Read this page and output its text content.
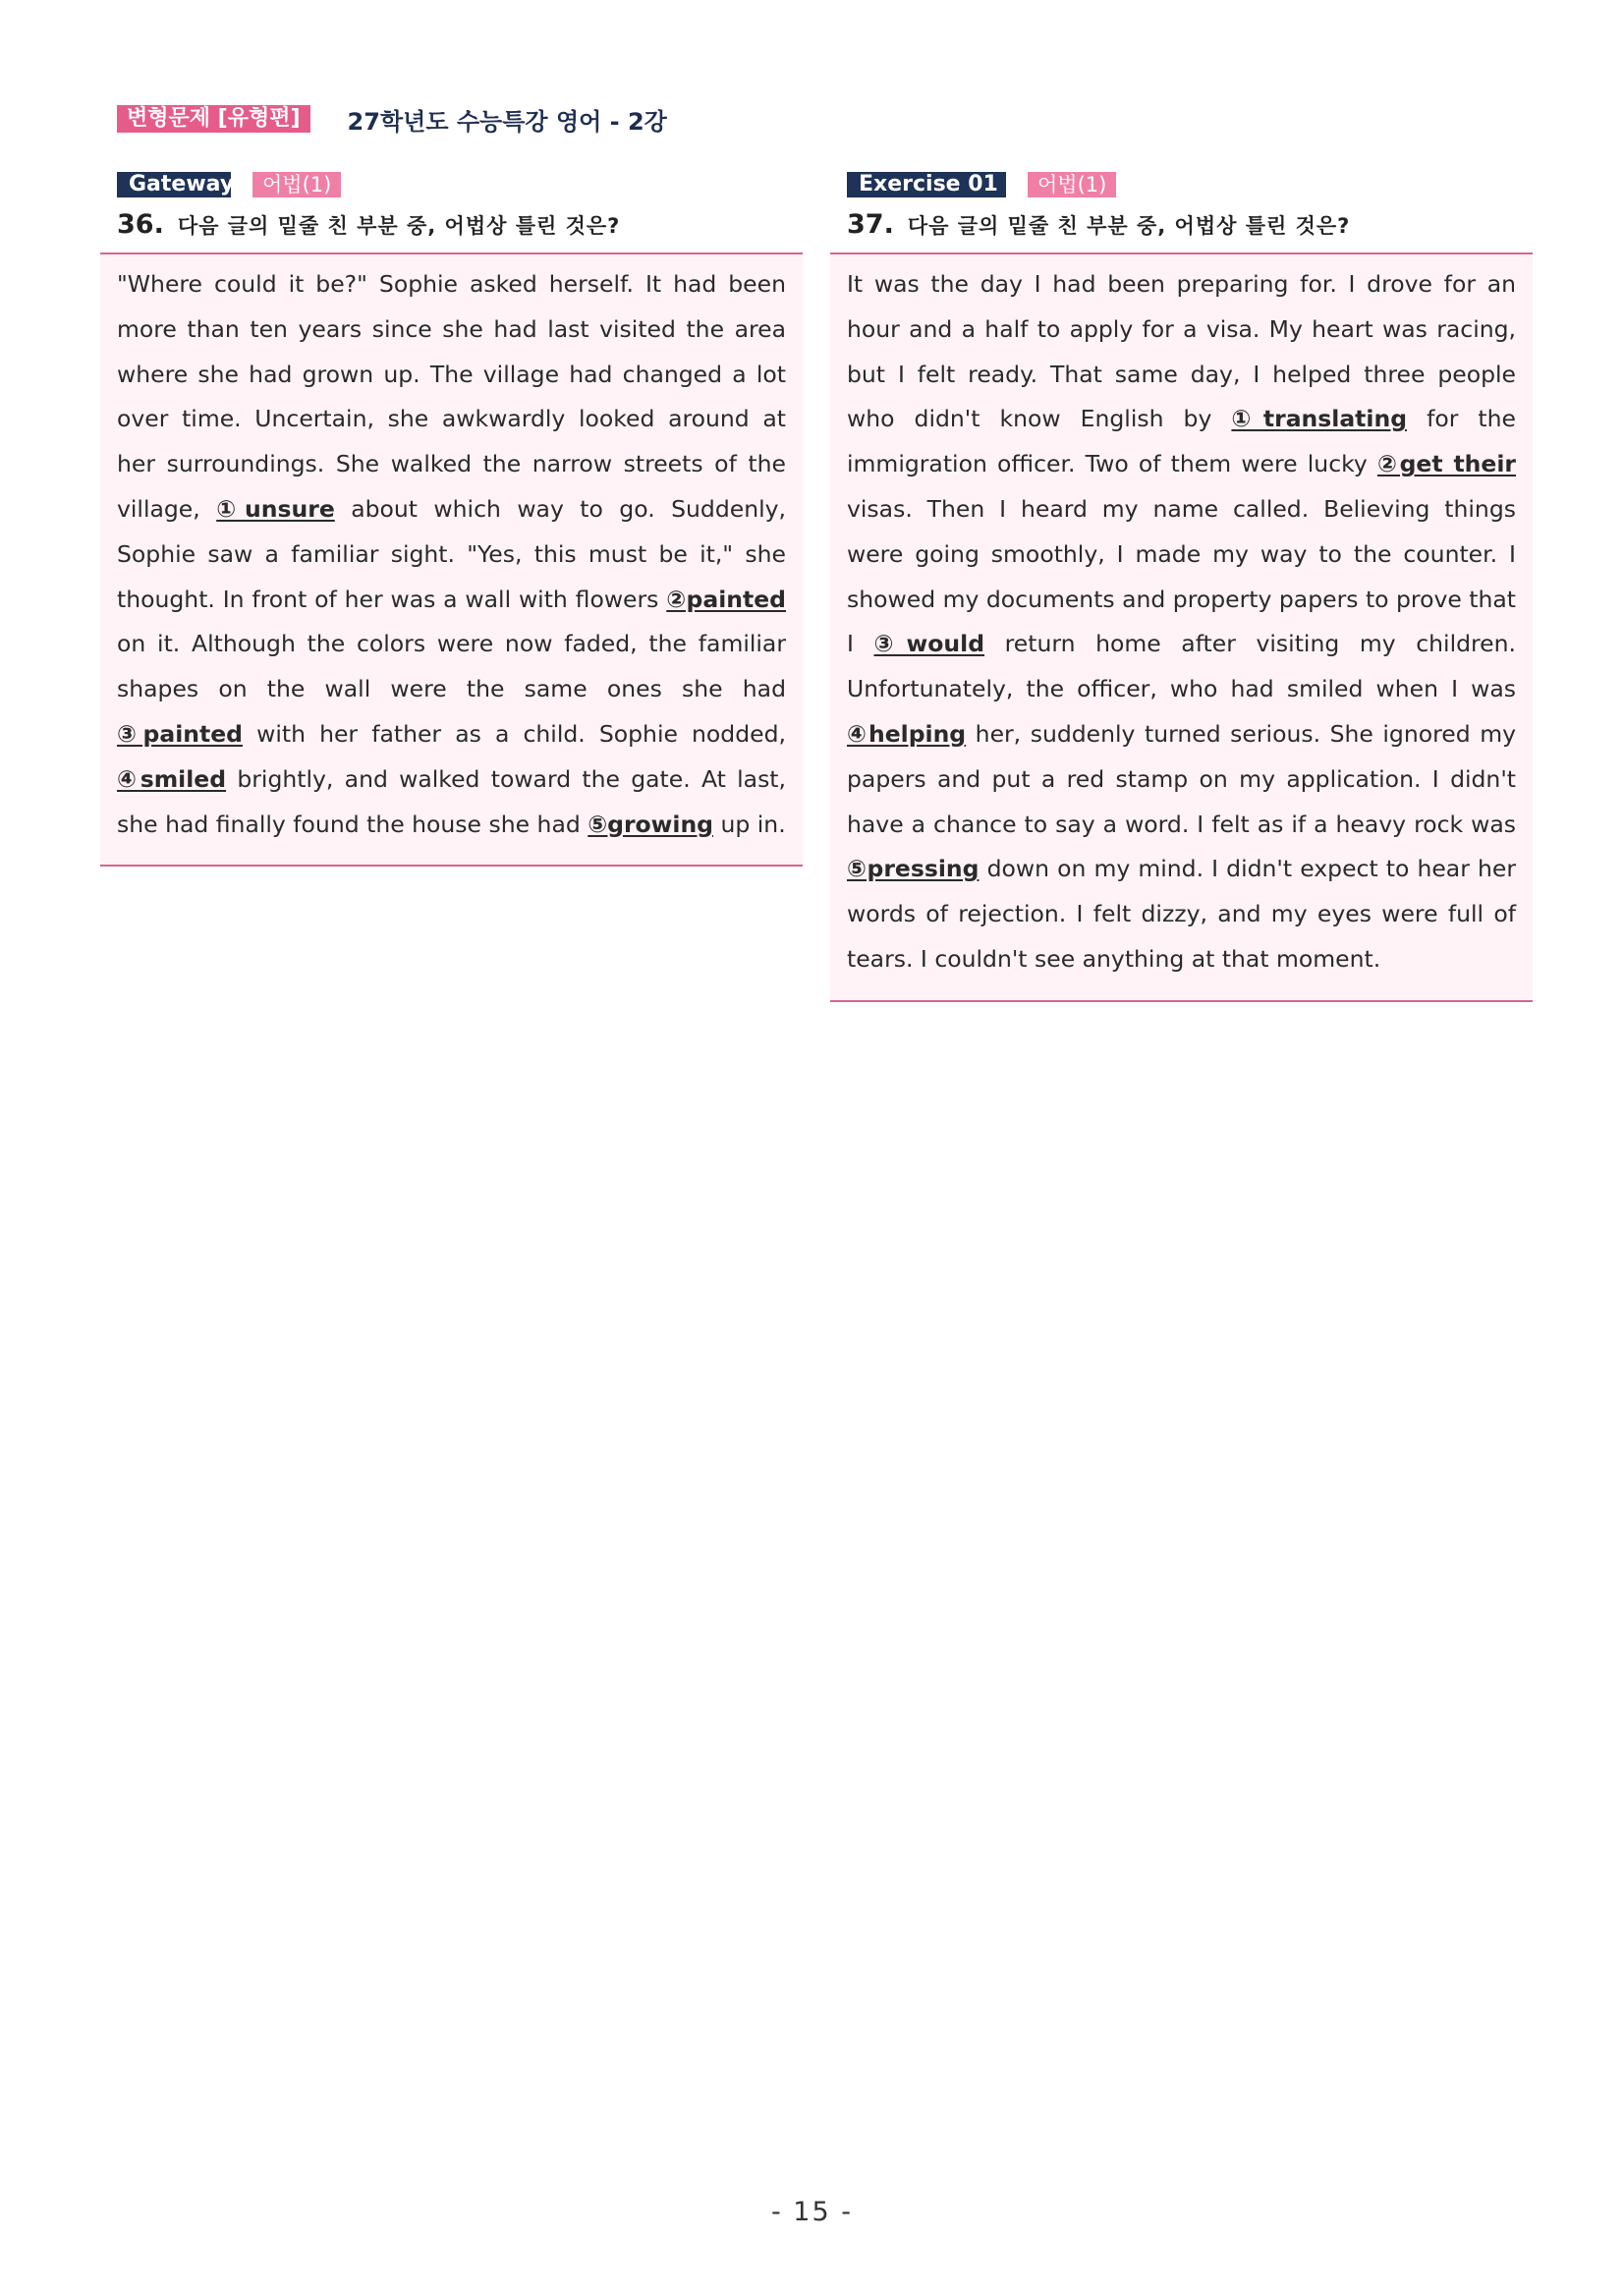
변형문제 [유형편]	27학년도 수능특강 영어 - 2강
Gateway	어법(1)
36. 다음 글의 밑줄 친 부분 중, 어법상 틀린 것은?
"Where could it be?" Sophie asked herself. It had been more than ten years since she had last visited the area where she had grown up. The village had changed a lot over time. Uncertain, she awkwardly looked around at her surroundings. She walked the narrow streets of the village, ①unsure about which way to go. Suddenly, Sophie saw a familiar sight. "Yes, this must be it," she thought. In front of her was a wall with flowers ②painted on it. Although the colors were now faded, the familiar shapes on the wall were the same ones she had ③painted with her father as a child. Sophie nodded, ④smiled brightly, and walked toward the gate. At last, she had finally found the house she had ⑤growing up in.
Exercise 01	어법(1)
37. 다음 글의 밑줄 친 부분 중, 어법상 틀린 것은?
It was the day I had been preparing for. I drove for an hour and a half to apply for a visa. My heart was racing, but I felt ready. That same day, I helped three people who didn't know English by ①translating for the immigration officer. Two of them were lucky ②get their visas. Then I heard my name called. Believing things were going smoothly, I made my way to the counter. I showed my documents and property papers to prove that I ③would return home after visiting my children. Unfortunately, the officer, who had smiled when I was ④helping her, suddenly turned serious. She ignored my papers and put a red stamp on my application. I didn't have a chance to say a word. I felt as if a heavy rock was ⑤pressing down on my mind. I didn't expect to hear her words of rejection. I felt dizzy, and my eyes were full of tears. I couldn't see anything at that moment.
- 15 -
